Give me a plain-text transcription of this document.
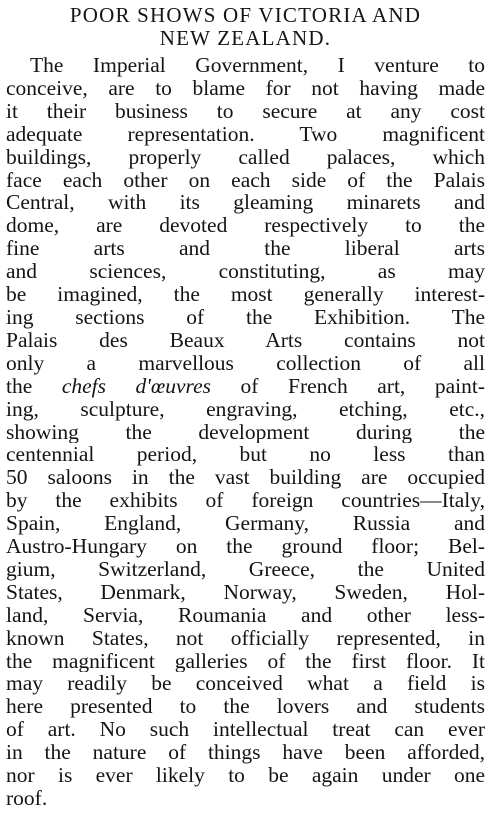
POOR SHOWS OF VICTORIA AND
NEW ZEALAND.
The Imperial Government, I venture to
conceive, are to blame for not having made
it their business to secure at any cost
adequate representation. Two magnificent
buildings, properly called palaces, which
face each other on each side of the Palais
Central, with its gleaming minarets and
dome, are devoted respectively to the
fine arts and the liberal arts
and sciences, constituting, as may
be imagined, the most generally interest-
ing sections of the Exhibition. The
Palais des Beaux Arts contains not
only a marvellous collection of all
the chefs d'œuvres of French art, paint-
ing, sculpture, engraving, etching, etc.,
showing the development during the
centennial period, but no less than
50 saloons in the vast building are occupied
by the exhibits of foreign countries—Italy,
Spain, England, Germany, Russia and
Austro-Hungary on the ground floor; Bel-
gium, Switzerland, Greece, the United
States, Denmark, Norway, Sweden, Hol-
land, Servia, Roumania and other less-
known States, not officially represented, in
the magnificent galleries of the first floor. It
may readily be conceived what a field is
here presented to the lovers and students
of art. No such intellectual treat can ever
in the nature of things have been afforded,
nor is ever likely to be again under one
roof.
